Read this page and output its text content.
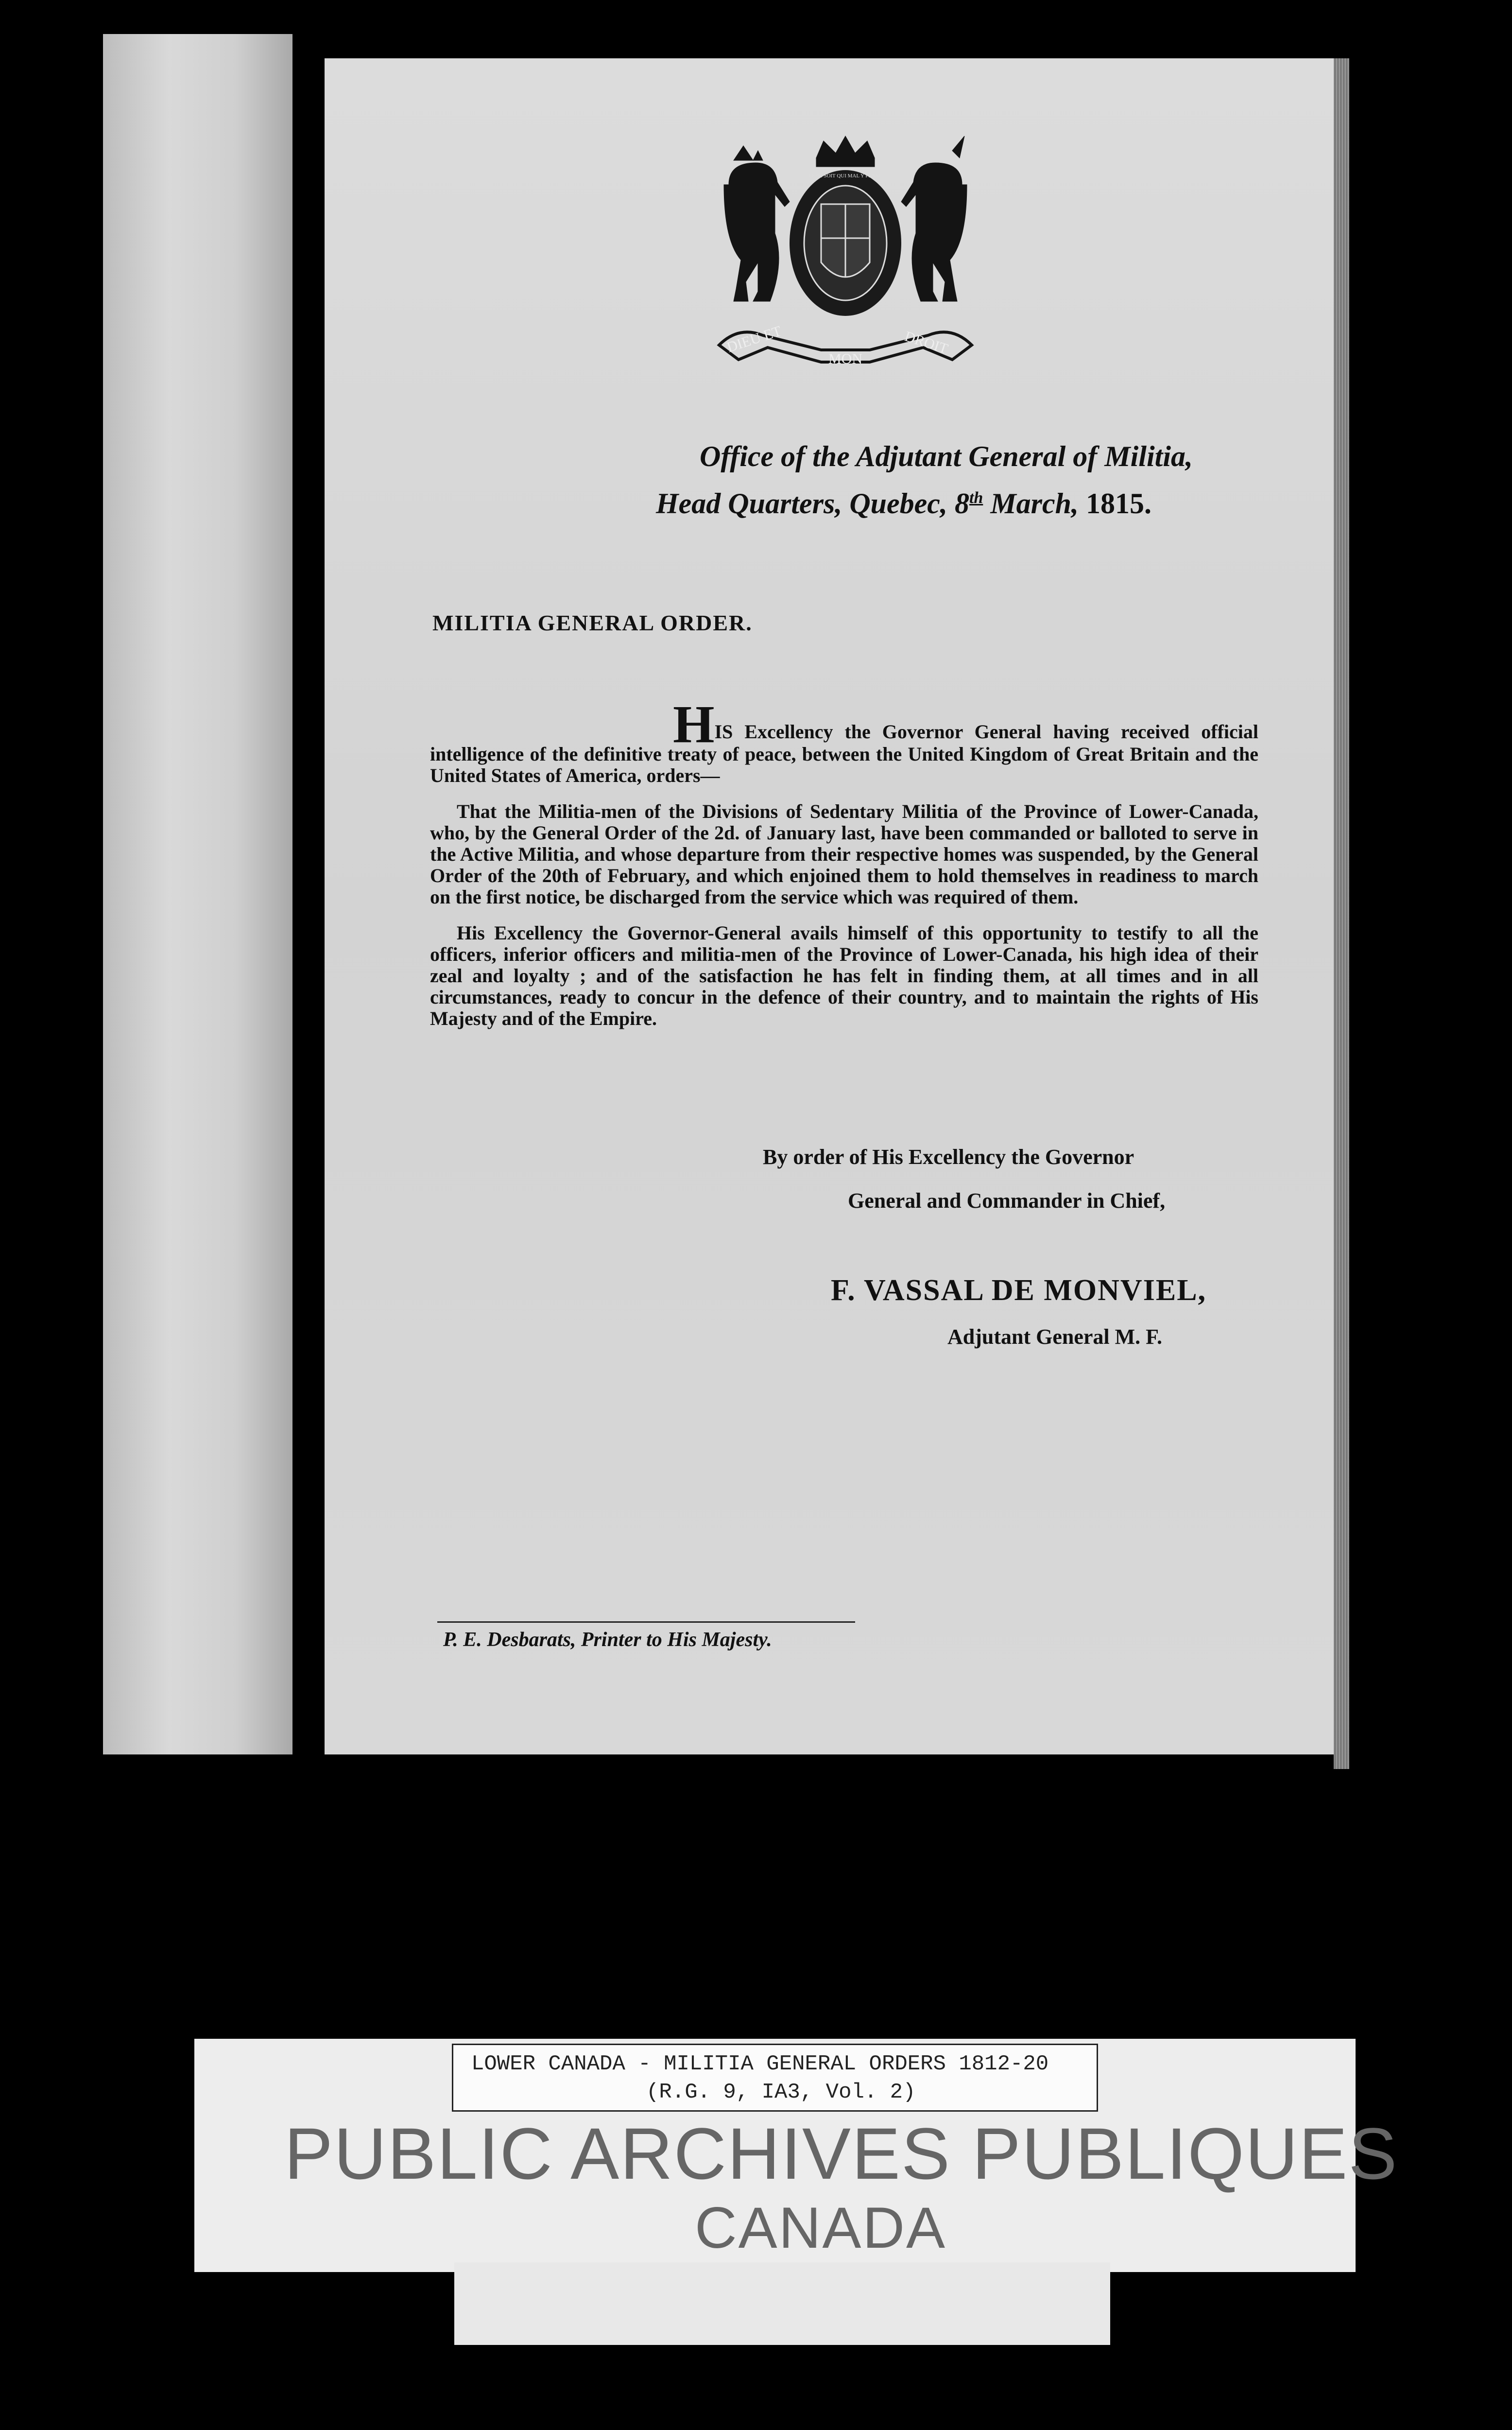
DIEU ET
MON
DROIT
HONI SOIT QUI MAL Y PENSE
Office of the Adjutant General of Militia,
Head Quarters, Quebec, 8th March, 1815.
MILITIA GENERAL ORDER.

HIS Excellency the Governor General having received official intelligence of the definitive treaty of peace, between the United Kingdom of Great Britain and the United States of America, orders—

That the Militia-men of the Divisions of Sedentary Militia of the Province of Lower-Canada, who, by the General Order of the 2d. of January last, have been commanded or balloted to serve in the Active Militia, and whose departure from their respective homes was suspended, by the General Order of the 20th of February, and which enjoined them to hold themselves in readiness to march on the first notice, be discharged from the service which was required of them.

His Excellency the Governor-General avails himself of this opportunity to testify to all the officers, inferior officers and militia-men of the Province of Lower-Canada, his high idea of their zeal and loyalty ; and of the satisfaction he has felt in finding them, at all times and in all circumstances, ready to concur in the defence of their country, and to maintain the rights of His Majesty and of the Empire.

By order of His Excellency the Governor
General and Commander in Chief,
F. VASSAL DE MONVIEL,
Adjutant General M. F.
P. E. Desbarats, Printer to His Majesty.
LOWER CANADA - MILITIA GENERAL ORDERS 1812-20
(R.G. 9, IA3, Vol. 2)
PUBLIC ARCHIVES PUBLIQUES
CANADA
